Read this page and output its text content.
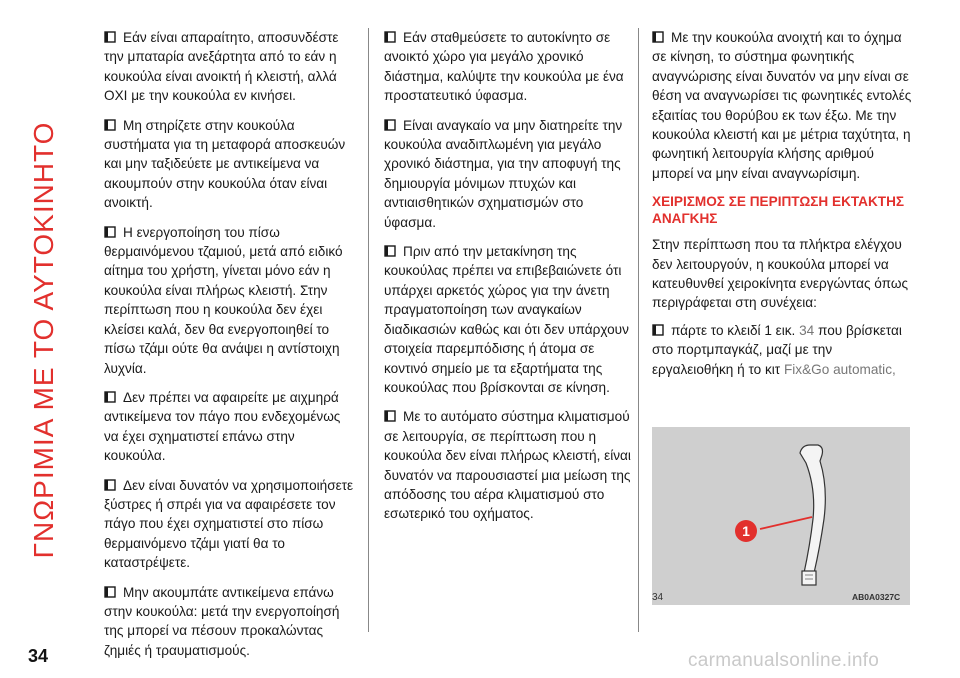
ΓΝΩΡΙΜΙΑ ΜΕ ΤΟ ΑΥΤΟΚΙΝΗΤΟ

Εάν είναι απαραίτητο, αποσυνδέστε την μπαταρία ανεξάρτητα από το εάν η κουκούλα είναι ανοικτή ή κλειστή, αλλά ΟΧΙ με την κουκούλα εν κινήσει.

Μη στηρίζετε στην κουκούλα συστήματα για τη μεταφορά αποσκευών και μην ταξιδεύετε με αντικείμενα να ακουμπούν στην κουκούλα όταν είναι ανοικτή.

Η ενεργοποίηση του πίσω θερμαινόμενου τζαμιού, μετά από ειδικό αίτημα του χρήστη, γίνεται μόνο εάν η κουκούλα είναι πλήρως κλειστή. Στην περίπτωση που η κουκούλα δεν έχει κλείσει καλά, δεν θα ενεργοποιηθεί το πίσω τζάμι ούτε θα ανάψει η αντίστοιχη λυχνία.

Δεν πρέπει να αφαιρείτε με αιχμηρά αντικείμενα τον πάγο που ενδεχομένως να έχει σχηματιστεί επάνω στην κουκούλα.

Δεν είναι δυνατόν να χρησιμοποιήσετε ξύστρες ή σπρέι για να αφαιρέσετε τον πάγο που έχει σχηματιστεί στο πίσω θερμαινόμενο τζάμι γιατί θα το καταστρέψετε.

Μην ακουμπάτε αντικείμενα επάνω στην κουκούλα: μετά την ενεργοποίησή της μπορεί να πέσουν προκαλώντας ζημιές ή τραυματισμούς.

Εάν σταθμεύσετε το αυτοκίνητο σε ανοικτό χώρο για μεγάλο χρονικό διάστημα, καλύψτε την κουκούλα με ένα προστατευτικό ύφασμα.

Είναι αναγκαίο να μην διατηρείτε την κουκούλα αναδιπλωμένη για μεγάλο χρονικό διάστημα, για την αποφυγή της δημιουργία μόνιμων πτυχών και αντιαισθητικών σχηματισμών στο ύφασμα.

Πριν από την μετακίνηση της κουκούλας πρέπει να επιβεβαιώνετε ότι υπάρχει αρκετός χώρος για την άνετη πραγματοποίηση των αναγκαίων διαδικασιών καθώς και ότι δεν υπάρχουν στοιχεία παρεμπόδισης ή άτομα σε κοντινό σημείο με τα εξαρτήματα της κουκούλας που βρίσκονται σε κίνηση.

Με το αυτόματο σύστημα κλιματισμού σε λειτουργία, σε περίπτωση που η κουκούλα δεν είναι πλήρως κλειστή, είναι δυνατόν να παρουσιαστεί μια μείωση της απόδοσης του αέρα κλιματισμού στο εσωτερικό του οχήματος.

Με την κουκούλα ανοιχτή και το όχημα σε κίνηση, το σύστημα φωνητικής αναγνώρισης είναι δυνατόν να μην είναι σε θέση να αναγνωρίσει τις φωνητικές εντολές εξαιτίας του θορύβου εκ των έξω. Με την κουκούλα κλειστή και με μέτρια ταχύτητα, η φωνητική λειτουργία κλήσης αριθμού μπορεί να μην είναι αναγνωρίσιμη.

ΧΕΙΡΙΣΜΟΣ ΣΕ ΠΕΡΙΠΤΩΣΗ ΕΚΤΑΚΤΗΣ ΑΝΑΓΚΗΣ

Στην περίπτωση που τα πλήκτρα ελέγχου δεν λειτουργούν, η κουκούλα μπορεί να κατευθυνθεί χειροκίνητα ενεργώντας όπως περιγράφεται στη συνέχεια:

πάρτε το κλειδί 1 εικ. 34 που βρίσκεται στο πορτμπαγκάζ, μαζί με την εργαλειοθήκη ή το κιτ Fix&Go automatic,

1
34	AB0A0327C
34	carmanualsonline.info
